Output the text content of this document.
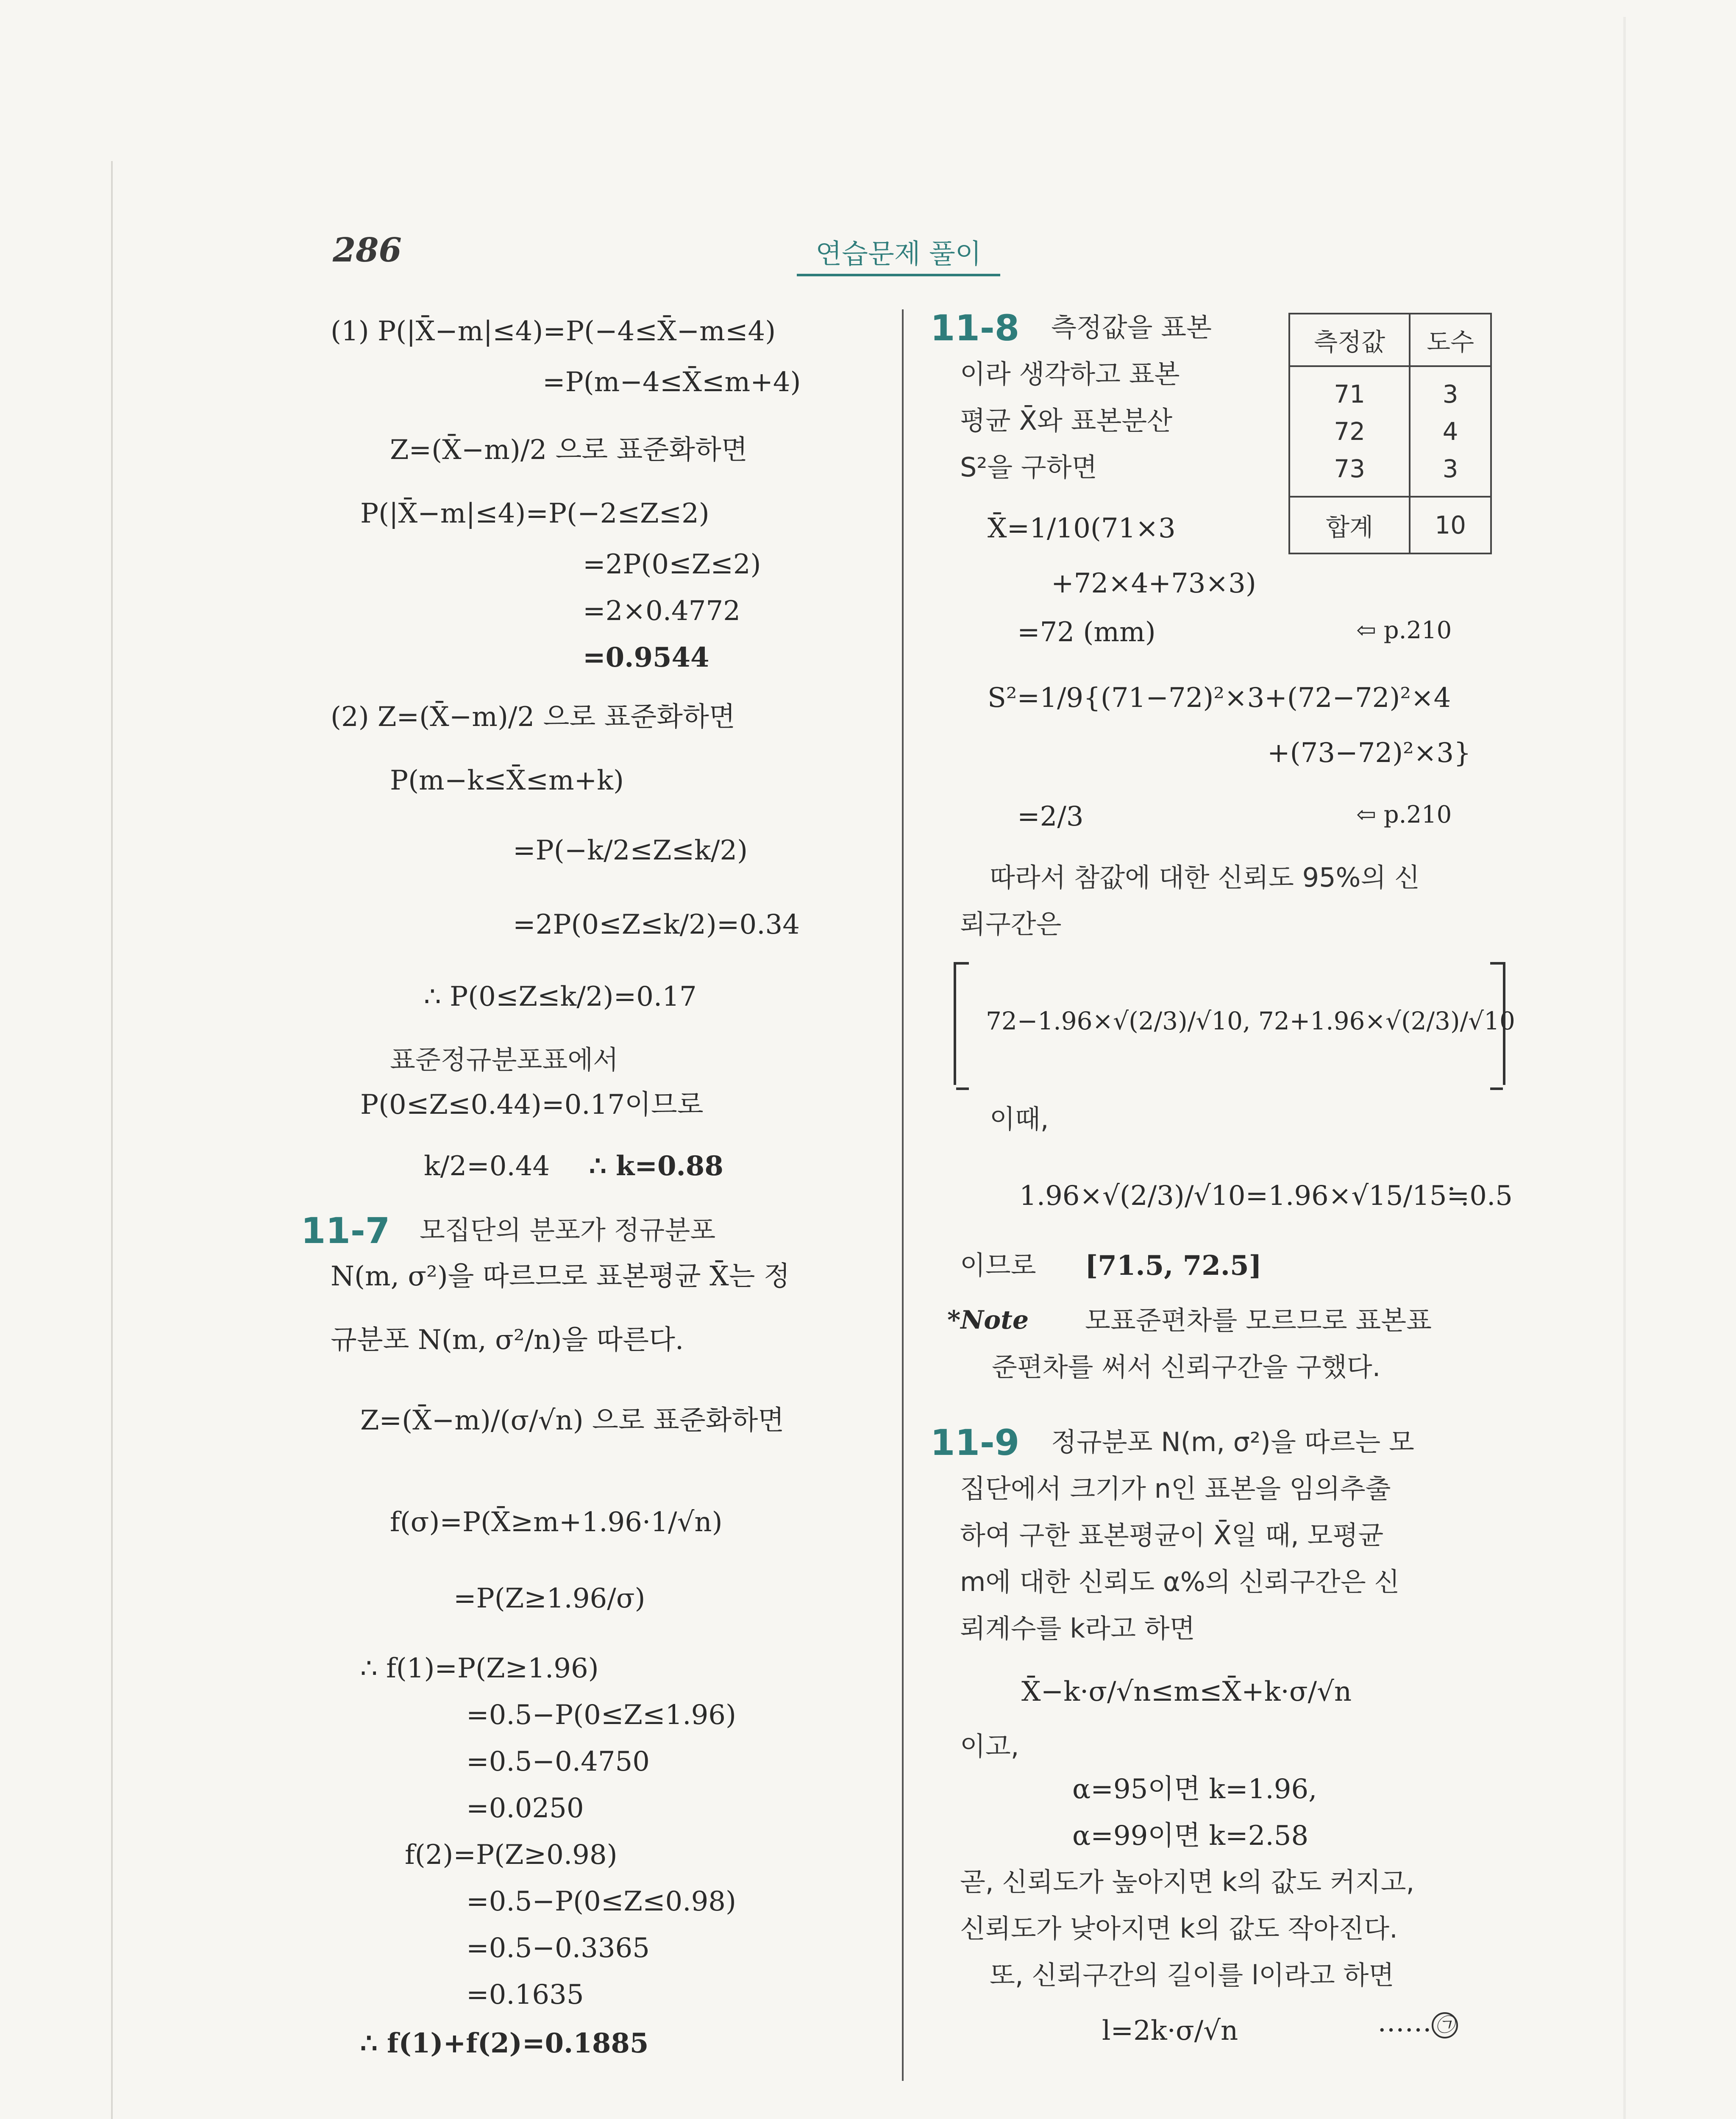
286	연습문제 풀이
(1) P(|X̄−m|≤4)=P(−4≤X̄−m≤4)
=P(m−4≤X̄≤m+4)
Z=(X̄−m)/2 으로 표준화하면
P(|X̄−m|≤4)=P(−2≤Z≤2)
=2P(0≤Z≤2)
=2×0.4772
=0.9544
(2) Z=(X̄−m)/2 으로 표준화하면
P(m−k≤X̄≤m+k)
=P(−k/2≤Z≤k/2)
=2P(0≤Z≤k/2)=0.34
∴ P(0≤Z≤k/2)=0.17
표준정규분포표에서
P(0≤Z≤0.44)=0.17이므로
k/2=0.44 ∴ k=0.88
11-7 모집단의 분포가 정규분포
N(m, σ²)을 따르므로 표본평균 X̄는 정
규분포 N(m, σ²/n)을 따른다.
Z=(X̄−m)/(σ/√n) 으로 표준화하면
f(σ)=P(X̄≥m+1.96·1/√n)
=P(Z≥1.96/σ)
∴ f(1)=P(Z≥1.96)
=0.5−P(0≤Z≤1.96)
=0.5−0.4750
=0.0250
f(2)=P(Z≥0.98)
=0.5−P(0≤Z≤0.98)
=0.5−0.3365
=0.1635
∴ f(1)+f(2)=0.1885
11-8 측정값을 표본
이라 생각하고 표본
평균 X̄와 표본분산
S²을 구하면
측정값	도수
71	3
72	4
73	3
합계	10
X̄=1/10(71×3
+72×4+73×3)
=72 (mm)	⇦ p.210
S²=1/9{(71−72)²×3+(72−72)²×4
+(73−72)²×3}
=2/3	⇦ p.210
따라서 참값에 대한 신뢰도 95%의 신
뢰구간은
72−1.96×√(2/3)/√10, 72+1.96×√(2/3)/√10
이때,
1.96×√(2/3)/√10=1.96×√15/15≒0.5
이므로 [71.5, 72.5]
*Note 모표준편차를 모르므로 표본표
준편차를 써서 신뢰구간을 구했다.
11-9 정규분포 N(m, σ²)을 따르는 모
집단에서 크기가 n인 표본을 임의추출
하여 구한 표본평균이 X̄일 때, 모평균
m에 대한 신뢰도 α%의 신뢰구간은 신
뢰계수를 k라고 하면
X̄−k·σ/√n≤m≤X̄+k·σ/√n
이고,
α=95이면 k=1.96,
α=99이면 k=2.58
곧, 신뢰도가 높아지면 k의 값도 커지고,
신뢰도가 낮아지면 k의 값도 작아진다.
또, 신뢰구간의 길이를 l이라고 하면
l=2k·σ/√n	…… ㉠
